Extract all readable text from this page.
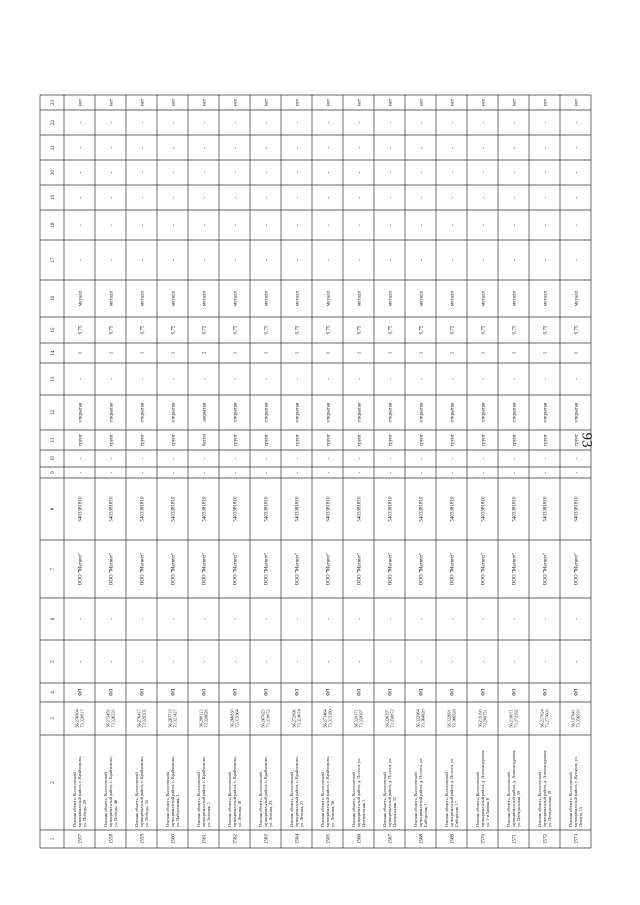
93
1
2
3
4
5
6
7
8
9
10
11
12
13
14
15
16
17
18
19
20
21
22
23
1557
Омская область, Колосовскиймуниципальный район, с. Крайчиково,ул. Победы, 29
56.27680473.328817
ФЛ
-
-
ООО "Магнит"
5403381810
-
-
грунт
открытая
-
1
0,75
металл
-
-
-
-
-
-
нет
1558
Омская область, Колосовскиймуниципальный район, с. Крайчиково,ул. Победы, 46
56.27545973.326535
ФЛ
-
-
ООО "Магнит"
5403381810
-
-
грунт
открытая
-
1
0,75
металл
-
-
-
-
-
-
нет
1559
Омская область, Колосовскиймуниципальный район, с. Крайчиково,ул. Победы, 55
56.27641773.328202
ФЛ
-
-
ООО "Магнит"
5403381810
-
-
грунт
открытая
-
1
0,75
металл
-
-
-
-
-
-
нет
1560
Омская область, Колосовскиймуниципальный район, с. Крайчиково,ул. Набережная, 1
56.26771973.321427
ФЛ
-
-
ООО "Магнит"
5403381810
-
-
грунт
открытая
-
1
0,75
металл
-
-
-
-
-
-
нет
1561
Омская область, Колосовскиймуниципальный район, с. Крайчиково,ул. Зеленая, 1
56.28811373.328628
ФЛ
-
-
ООО "Магнит"
5403381810
-
-
бетон
закрытая
-
2
0,75
металл
-
-
-
-
-
-
нет
1562
Омская область, Колосовскиймуниципальный район, с. Крайчиково,ул. Ленина, 16
56.26685073.319564
ФЛ
-
-
ООО "Магнит"
5403381810
-
-
грунт
открытая
-
1
0,75
металл
-
-
-
-
-
-
нет
1563
Омская область, Колосовскиймуниципальный район, с. Крайчиково,ул. Ленина, 23
56.26782573.318072
ФЛ
-
-
ООО "Магнит"
5403381810
-
-
грунт
открытая
-
1
0,75
металл
-
-
-
-
-
-
нет
1564
Омская область, Колосовскиймуниципальный район, с. Крайчиково,ул. Ленина, 21
56.27289673.319674
ФЛ
-
-
ООО "Магнит"
5403381810
-
-
грунт
открытая
-
1
0,75
металл
-
-
-
-
-
-
нет
1565
Омская область, Колосовскиймуниципальный район, с. Крайчиково,ул. Ленина, 36
56.27346473.315180
ФЛ
-
-
ООО "Магнит"
5403381810
-
-
грунт
открытая
-
1
0,75
металл
-
-
-
-
-
-
нет
1566
Омская область, Колосовскиймуниципальный район, д. Пологи, ул.Центральная, 1
56.32017173.358397
ФЛ
-
-
ООО "Магнит"
5403381810
-
-
грунт
открытая
-
1
0,75
металл
-
-
-
-
-
-
нет
1567
Омская область, Колосовскиймуниципальный район, д. Пологи, ул.Центральная, 33
56.32639773.358872
ФЛ
-
-
ООО "Магнит"
5403381810
-
-
грунт
открытая
-
1
0,75
металл
-
-
-
-
-
-
нет
1568
Омская область, Колосовскиймуниципальный район, д. Пологи, ул.Сибирская, 1
56.32296473.364828
ФЛ
-
-
ООО "Магнит"
5403381810
-
-
грунт
открытая
-
1
0,75
металл
-
-
-
-
-
-
нет
1569
Омская область, Колосовскиймуниципальный район, д. Пологи, ул.Сибирская, 17
56.32269173.366928
ФЛ
-
-
ООО "Магнит"
5403381810
-
-
грунт
открытая
-
1
0,75
металл
-
-
-
-
-
-
нет
1570
Омская область, Колосовскиймуниципальный район, д. Александровка,ул. 1-я Заовая, 6
56.21919073.280751
ФЛ
-
-
ООО "Магнит"
5403381810
-
-
грунт
открытая
-
1
0,75
металл
-
-
-
-
-
-
нет
1571
Омская область, Колосовскиймуниципальный район, д. Александровка,ул. Центральная, 59
56.21807173.272592
ФЛ
-
-
ООО "Магнит"
5403381810
-
-
грунт
открытая
-
1
0,75
металл
-
-
-
-
-
-
нет
1572
Омская область, Колосовскиймуниципальный район, д. Александровка,ул. Центральная, 18
56.21782473.277605
ФЛ
-
-
ООО "Магнит"
5403381810
-
-
грунт
открытая
-
1
0,75
металл
-
-
-
-
-
-
нет
1573
Омская область, Колосовскиймуниципальный район, с. Кутырла, ул.Ленина, 15
56.19784173.356910
ФЛ
-
-
ООО "Магнит"
5403381810
-
-
грунт
открытая
-
1
0,75
металл
-
-
-
-
-
-
нет
